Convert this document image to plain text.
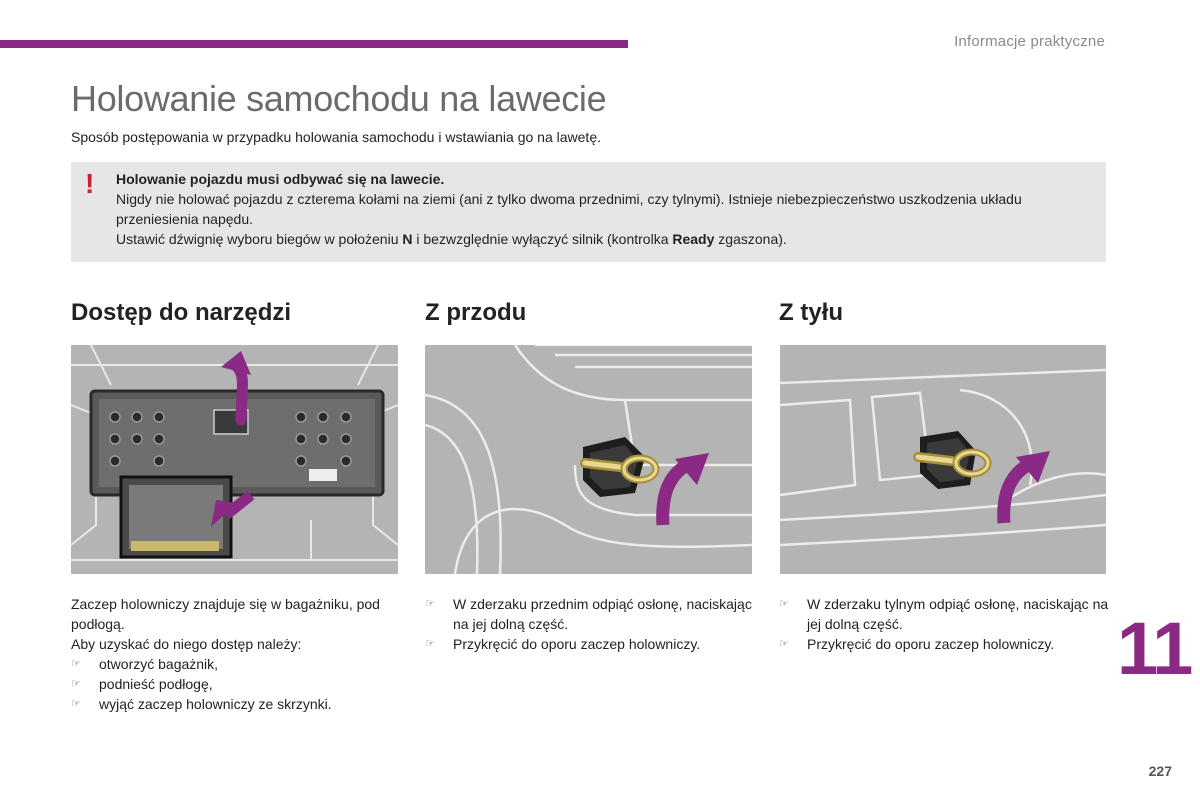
Informacje praktyczne
Holowanie samochodu na lawecie
Sposób postępowania w przypadku holowania samochodu i wstawiania go na lawetę.
! Holowanie pojazdu musi odbywać się na lawecie.

Nigdy nie holować pojazdu z czterema kołami na ziemi (ani z tylko dwoma przednimi, czy tylnymi). Istnieje niebezpieczeństwo uszkodzenia układu przeniesienia napędu.

Ustawić dźwignię wyboru biegów w położeniu N i bezwzględnie wyłączyć silnik (kontrolka Ready zgaszona).

Dostęp do narzędzi

Zaczep holowniczy znajduje się w bagażniku, pod podłogą.

Aby uzyskać do niego dostęp należy:

☞ otworzyć bagażnik,
☞ podnieść podłogę,
☞ wyjąć zaczep holowniczy ze skrzynki.
Z przodu
☞ W zderzaku przednim odpiąć osłonę, naciskając na jej dolną część.
☞ Przykręcić do oporu zaczep holowniczy.
Z tyłu
☞ W zderzaku tylnym odpiąć osłonę, naciskając na jej dolną część.
☞ Przykręcić do oporu zaczep holowniczy. 11
227
